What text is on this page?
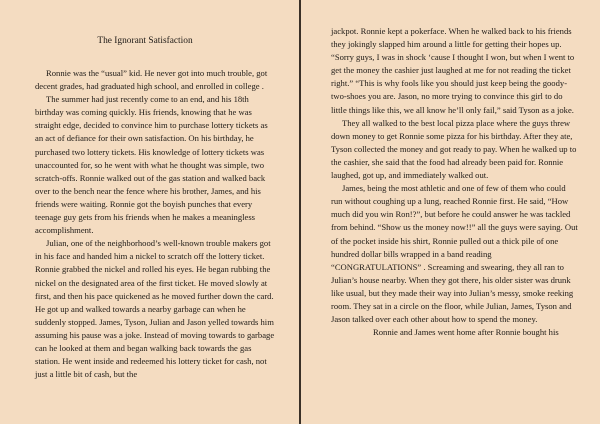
The Ignorant Satisfaction

Ronnie was the “usual” kid. He never got into much trouble, got decent grades, had graduated high school, and enrolled in college .

The summer had just recently come to an end, and his 18th birthday was coming quickly. His friends, knowing that he was straight edge, decided to convince him to purchase lottery tickets as an act of defiance for their own satisfaction. On his birthday, he purchased two lottery tickets. His knowledge of lottery tickets was unaccounted for, so he went with what he thought was simple, two scratch-offs. Ronnie walked out of the gas station and walked back over to the bench near the fence where his brother, James, and his friends were waiting. Ronnie got the boyish punches that every teenage guy gets from his friends when he makes a meaningless accomplishment.

Julian, one of the neighborhood’s well-known trouble makers got in his face and handed him a nickel to scratch off the lottery ticket. Ronnie grabbed the nickel and rolled his eyes. He began rubbing the nickel on the designated area of the first ticket. He moved slowly at first, and then his pace quickened as he moved further down the card. He got up and walked towards a nearby garbage can when he suddenly stopped. James, Tyson, Julian and Jason yelled towards him assuming his pause was a joke. Instead of moving towards to garbage can he looked at them and began walking back towards the gas station. He went inside and redeemed his lottery ticket for cash, not just a little bit of cash, but the

jackpot. Ronnie kept a pokerface. When he walked back to his friends they jokingly slapped him around a little for getting their hopes up. “Sorry guys, I was in shock ‘cause I thought I won, but when I went to get the money the cashier just laughed at me for not reading the ticket right.” “This is why fools like you should just keep being the goody-two-shoes you are. Jason, no more trying to convince this girl to do little things like this, we all know he’ll only fail,” said Tyson as a joke.

They all walked to the best local pizza place where the guys threw down money to get Ronnie some pizza for his birthday. After they ate, Tyson collected the money and got ready to pay. When he walked up to the cashier, she said that the food had already been paid for. Ronnie laughed, got up, and immediately walked out.

James, being the most athletic and one of few of them who could run without coughing up a lung, reached Ronnie first. He said, “How much did you win Ron!?”, but before he could answer he was tackled from behind. “Show us the money now!!” all the guys were saying. Out of the pocket inside his shirt, Ronnie pulled out a thick pile of one hundred dollar bills wrapped in a band reading “CONGRATULATIONS” . Screaming and swearing, they all ran to Julian’s house nearby. When they got there, his older sister was drunk like usual, but they made their way into Julian’s messy, smoke reeking room. They sat in a circle on the floor, while Julian, James, Tyson and Jason talked over each other about how to spend the money.

Ronnie and James went home after Ronnie bought his
